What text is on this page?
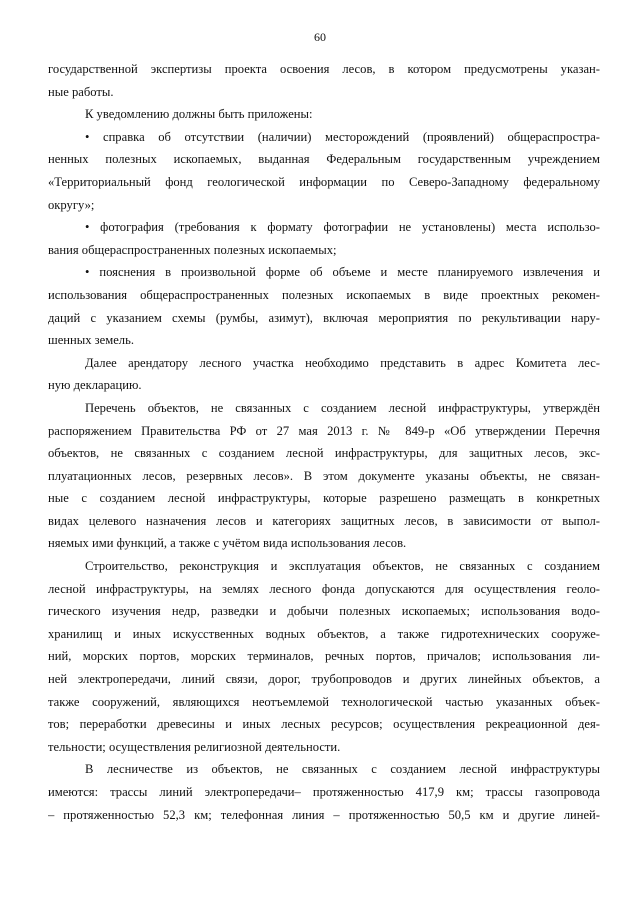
60
государственной экспертизы проекта освоения лесов, в котором предусмотрены указан-
ные работы.
К уведомлению должны быть приложены:
• справка об отсутствии (наличии) месторождений (проявлений) общераспростра-
ненных полезных ископаемых, выданная Федеральным государственным учреждением
«Территориальный фонд геологической информации по Северо-Западному федеральному
округу»;
• фотография (требования к формату фотографии не установлены) места использо-
вания общераспространенных полезных ископаемых;
• пояснения в произвольной форме об объеме и месте планируемого извлечения и
использования общераспространенных полезных ископаемых в виде проектных рекомен-
даций с указанием схемы (румбы, азимут), включая мероприятия по рекультивации нару-
шенных земель.
Далее арендатору лесного участка необходимо представить в адрес Комитета лес-
ную декларацию.
Перечень объектов, не связанных с созданием лесной инфраструктуры, утверждён
распоряжением Правительства РФ от 27 мая 2013 г. № 849-р «Об утверждении Перечня
объектов, не связанных с созданием лесной инфраструктуры, для защитных лесов, экс-
плуатационных лесов, резервных лесов». В этом документе указаны объекты, не связан-
ные с созданием лесной инфраструктуры, которые разрешено размещать в конкретных
видах целевого назначения лесов и категориях защитных лесов, в зависимости от выпол-
няемых ими функций, а также с учётом вида использования лесов.
Строительство, реконструкция и эксплуатация объектов, не связанных с созданием
лесной инфраструктуры, на землях лесного фонда допускаются для осуществления геоло-
гического изучения недр, разведки и добычи полезных ископаемых; использования водо-
хранилищ и иных искусственных водных объектов, а также гидротехнических сооруже-
ний, морских портов, морских терминалов, речных портов, причалов; использования ли-
ней электропередачи, линий связи, дорог, трубопроводов и других линейных объектов, а
также сооружений, являющихся неотъемлемой технологической частью указанных объек-
тов; переработки древесины и иных лесных ресурсов; осуществления рекреационной дея-
тельности; осуществления религиозной деятельности.
В лесничестве из объектов, не связанных с созданием лесной инфраструктуры
имеются: трассы линий электропередачи– протяженностью 417,9 км; трассы газопровода
– протяженностью 52,3 км; телефонная линия – протяженностью 50,5 км и другие линей-
